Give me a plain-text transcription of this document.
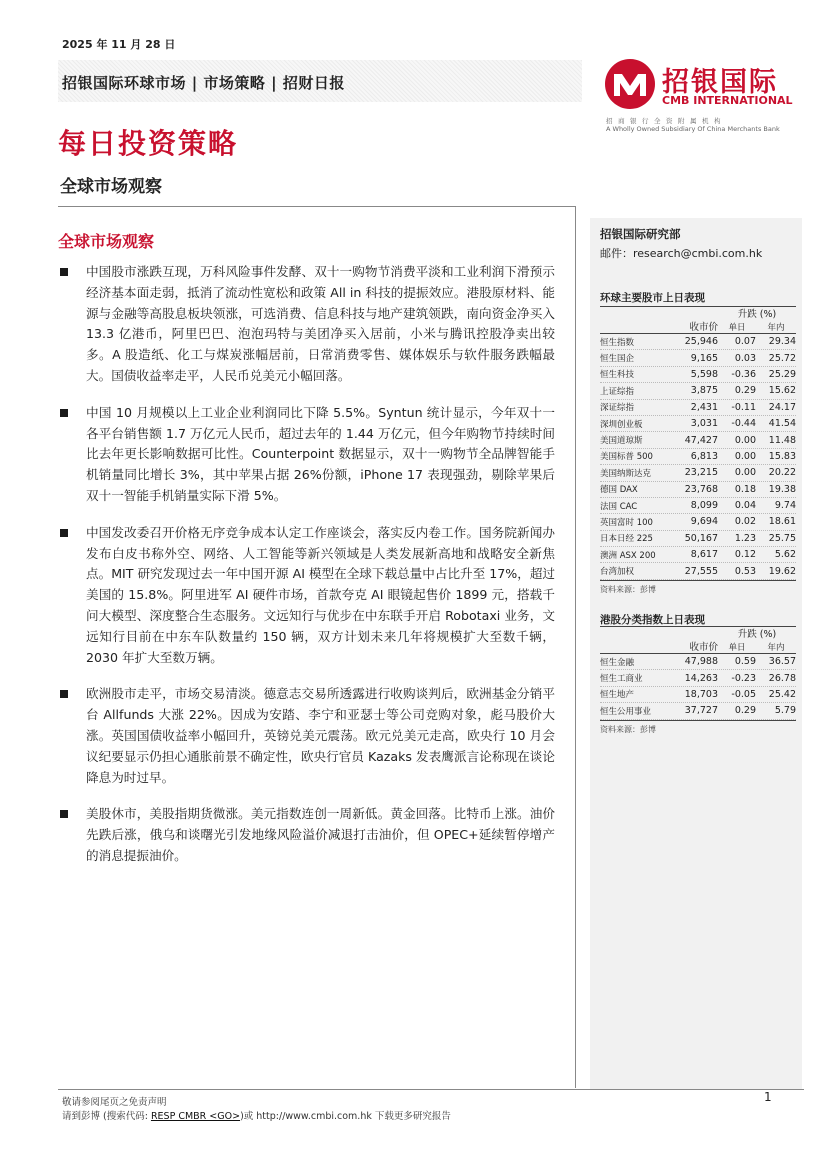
2025 年 11 月 28 日
招银国际环球市场 | 市场策略 | 招财日报	招银国际
CMB INTERNATIONAL
招商银行全资附属机构
A Wholly Owned Subsidiary Of China Merchants Bank
每日投资策略
全球市场观察
全球市场观察
中国股市涨跌互现，万科风险事件发酵、双十一购物节消费平淡和工业利润下滑预示经济基本面走弱，抵消了流动性宽松和政策 All in 科技的提振效应。港股原材料、能源与金融等高股息板块领涨，可选消费、信息科技与地产建筑领跌，南向资金净买入 13.3 亿港币，阿里巴巴、泡泡玛特与美团净买入居前，小米与腾讯控股净卖出较多。A 股造纸、化工与煤炭涨幅居前，日常消费零售、媒体娱乐与软件服务跌幅最大。国债收益率走平，人民币兑美元小幅回落。
中国 10 月规模以上工业企业利润同比下降 5.5%。Syntun 统计显示，今年双十一各平台销售额 1.7 万亿元人民币，超过去年的 1.44 万亿元，但今年购物节持续时间比去年更长影响数据可比性。Counterpoint 数据显示，双十一购物节全品牌智能手机销量同比增长 3%，其中苹果占据 26%份额，iPhone 17 表现强劲，剔除苹果后双十一智能手机销量实际下滑 5%。
中国发改委召开价格无序竞争成本认定工作座谈会，落实反内卷工作。国务院新闻办发布白皮书称外空、网络、人工智能等新兴领域是人类发展新高地和战略安全新焦点。MIT 研究发现过去一年中国开源 AI 模型在全球下载总量中占比升至 17%，超过美国的 15.8%。阿里进军 AI 硬件市场，首款夸克 AI 眼镜起售价 1899 元，搭载千问大模型、深度整合生态服务。文远知行与优步在中东联手开启 Robotaxi 业务，文远知行目前在中东车队数量约 150 辆，双方计划未来几年将规模扩大至数千辆，2030 年扩大至数万辆。
欧洲股市走平，市场交易清淡。德意志交易所透露进行收购谈判后，欧洲基金分销平台 Allfunds 大涨 22%。因成为安踏、李宁和亚瑟士等公司竞购对象，彪马股价大涨。英国国债收益率小幅回升，英镑兑美元震荡。欧元兑美元走高，欧央行 10 月会议纪要显示仍担心通胀前景不确定性，欧央行官员 Kazaks 发表鹰派言论称现在谈论降息为时过早。
美股休市，美股指期货微涨。美元指数连创一周新低。黄金回落。比特币上涨。油价先跌后涨，俄乌和谈曙光引发地缘风险溢价减退打击油价，但 OPEC+延续暂停增产的消息提振油价。
招银国际研究部
邮件：research@cmbi.com.hk
环球主要股市上日表现
升跌 (%)
收市价	单日	年内
恒生指数	25,946	0.07	29.34
恒生国企	9,165	0.03	25.72
恒生科技	5,598	-0.36	25.29
上证综指	3,875	0.29	15.62
深证综指	2,431	-0.11	24.17
深圳创业板	3,031	-0.44	41.54
美国道琼斯	47,427	0.00	11.48
美国标普 500	6,813	0.00	15.83
美国纳斯达克	23,215	0.00	20.22
德国 DAX	23,768	0.18	19.38
法国 CAC	8,099	0.04	9.74
英国富时 100	9,694	0.02	18.61
日本日经 225	50,167	1.23	25.75
澳洲 ASX 200	8,617	0.12	5.62
台湾加权	27,555	0.53	19.62
资料来源：彭博
港股分类指数上日表现
升跌 (%)
收市价	单日	年内
恒生金融	47,988	0.59	36.57
恒生工商业	14,263	-0.23	26.78
恒生地产	18,703	-0.05	25.42
恒生公用事业	37,727	0.29	5.79
资料来源：彭博
敬请参阅尾页之免责声明
请到彭博 (搜索代码: RESP CMBR <GO>)或 http://www.cmbi.com.hk 下载更多研究报告
1
